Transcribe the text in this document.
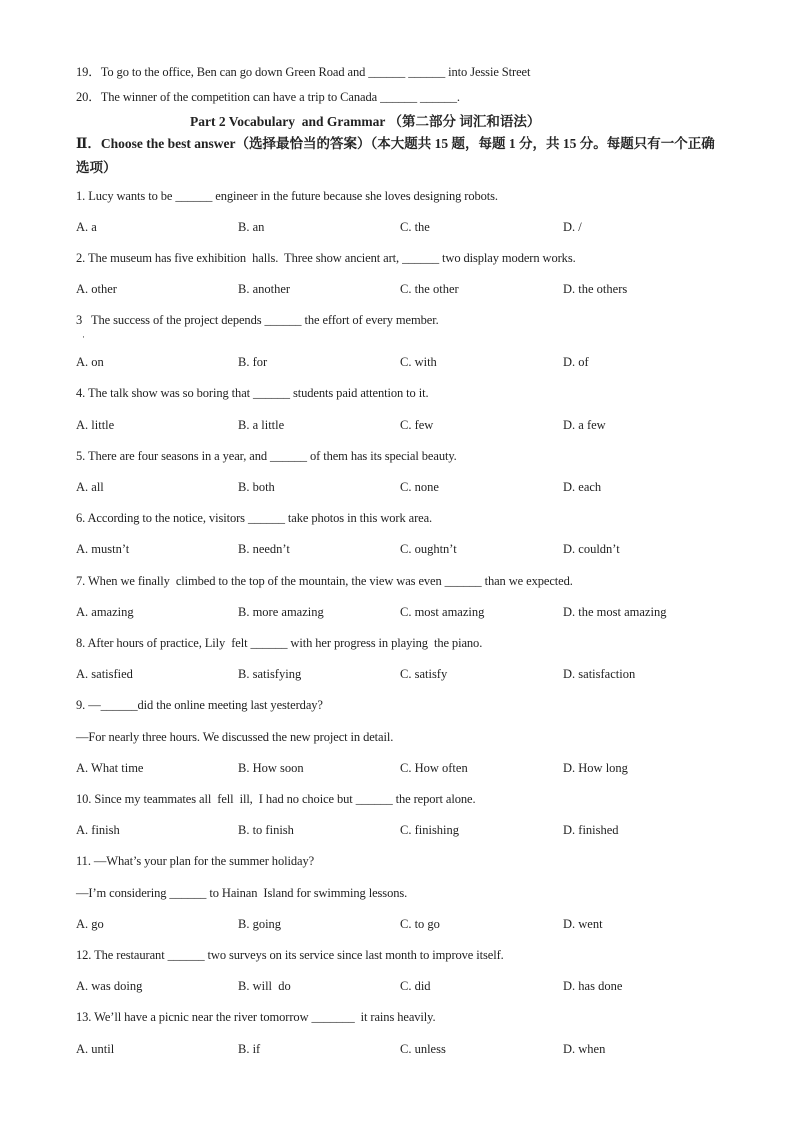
19．To go to the office, Ben can go down Green Road and ______ ______ into Jessie Street
20．The winner of the competition can have a trip to Canada ______ ______.
Part 2 Vocabulary  and Grammar （第二部分 词汇和语法）
Ⅱ．Choose the best answer（选择最恰当的答案）（本大题共 15 题，每题 1 分，共 15 分。每题只有一个正确选项）
1. Lucy wants to be ______ engineer in the future because she loves designing robots.
A. a	B. an	C. the	D. /
2. The museum has five exhibition  halls.  Three show ancient art, ______ two display modern works.
A. other	B. another	C. the other	D. the others
3   The success of the project depends ______ the effort of every member.
A. on	B. for	C. with	D. of
4. The talk show was so boring that ______ students paid attention to it.
A. little	B. a little	C. few	D. a few
5. There are four seasons in a year, and ______ of them has its special beauty.
A. all	B. both	C. none	D. each
6. According to the notice, visitors ______ take photos in this work area.
A. mustn’t	B. needn’t	C. oughtn’t	D. couldn’t
7. When we finally  climbed to the top of the mountain, the view was even ______ than we expected.
A. amazing	B. more amazing	C. most amazing	D. the most amazing
8. After hours of practice, Lily  felt ______ with her progress in playing  the piano.
A. satisfied	B. satisfying	C. satisfy	D. satisfaction
9. —______did the online meeting last yesterday?
—For nearly three hours. We discussed the new project in detail.
A. What time	B. How soon	C. How often	D. How long
10. Since my teammates all  fell  ill,  I had no choice but ______ the report alone.
A. finish	B. to finish	C. finishing	D. finished
11. —What’s your plan for the summer holiday?
—I’m considering ______ to Hainan  Island for swimming lessons.
A. go	B. going	C. to go	D. went
12. The restaurant ______ two surveys on its service since last month to improve itself.
A. was doing	B. will  do	C. did	D. has done
13. We’ll have a picnic near the river tomorrow _______  it rains heavily.
A. until	B. if	C. unless	D. when
·
